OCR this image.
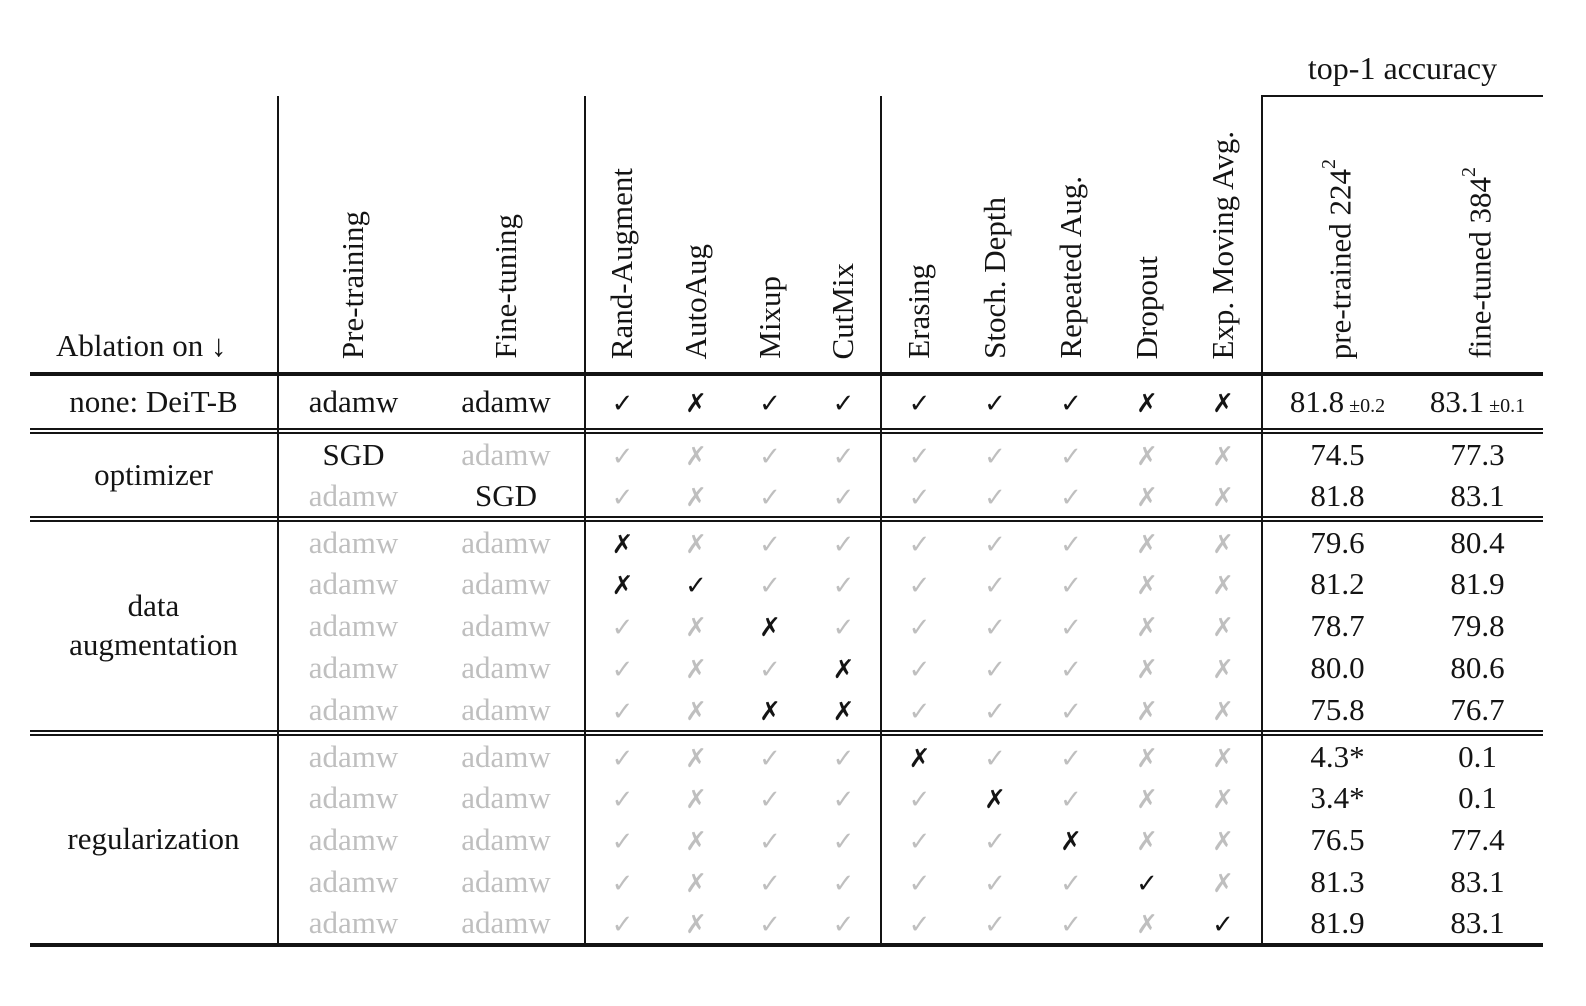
												top-1 accuracy	
Ablation on ↓	Pre-training	Fine-tuning	Rand-Augment	AutoAug	Mixup	CutMix	Erasing	Stoch. Depth	Repeated Aug.	Dropout	Exp. Moving Avg.	pre-trained $224^2$	fine-tuned $384^2$

none: DeiT-B	adamw	adamw	✓	✗	✓	✓	✓	✓	✓	✗	✗	81.8 ±0.2	83.1 ±0.1

optimizer	SGD	adamw	✓	✗	✓	✓	✓	✓	✓	✗	✗	74.5	77.3
	adamw	SGD	✓	✗	✓	✓	✓	✓	✓	✗	✗	81.8	83.1

data
augmentation	adamw	adamw	✗	✗	✓	✓	✓	✓	✓	✗	✗	79.6	80.4
	adamw	adamw	✗	✓	✓	✓	✓	✓	✓	✗	✗	81.2	81.9
	adamw	adamw	✓	✗	✗	✓	✓	✓	✓	✗	✗	78.7	79.8
	adamw	adamw	✓	✗	✓	✗	✓	✓	✓	✗	✗	80.0	80.6
	adamw	adamw	✓	✗	✗	✗	✓	✓	✓	✗	✗	75.8	76.7

regularization	adamw	adamw	✓	✗	✓	✓	✗	✓	✓	✗	✗	4.3*	0.1
	adamw	adamw	✓	✗	✓	✓	✓	✗	✓	✗	✗	3.4*	0.1
	adamw	adamw	✓	✗	✓	✓	✓	✓	✗	✗	✗	76.5	77.4
	adamw	adamw	✓	✗	✓	✓	✓	✓	✓	✓	✗	81.3	83.1
	adamw	adamw	✓	✗	✓	✓	✓	✓	✓	✗	✓	81.9	83.1
